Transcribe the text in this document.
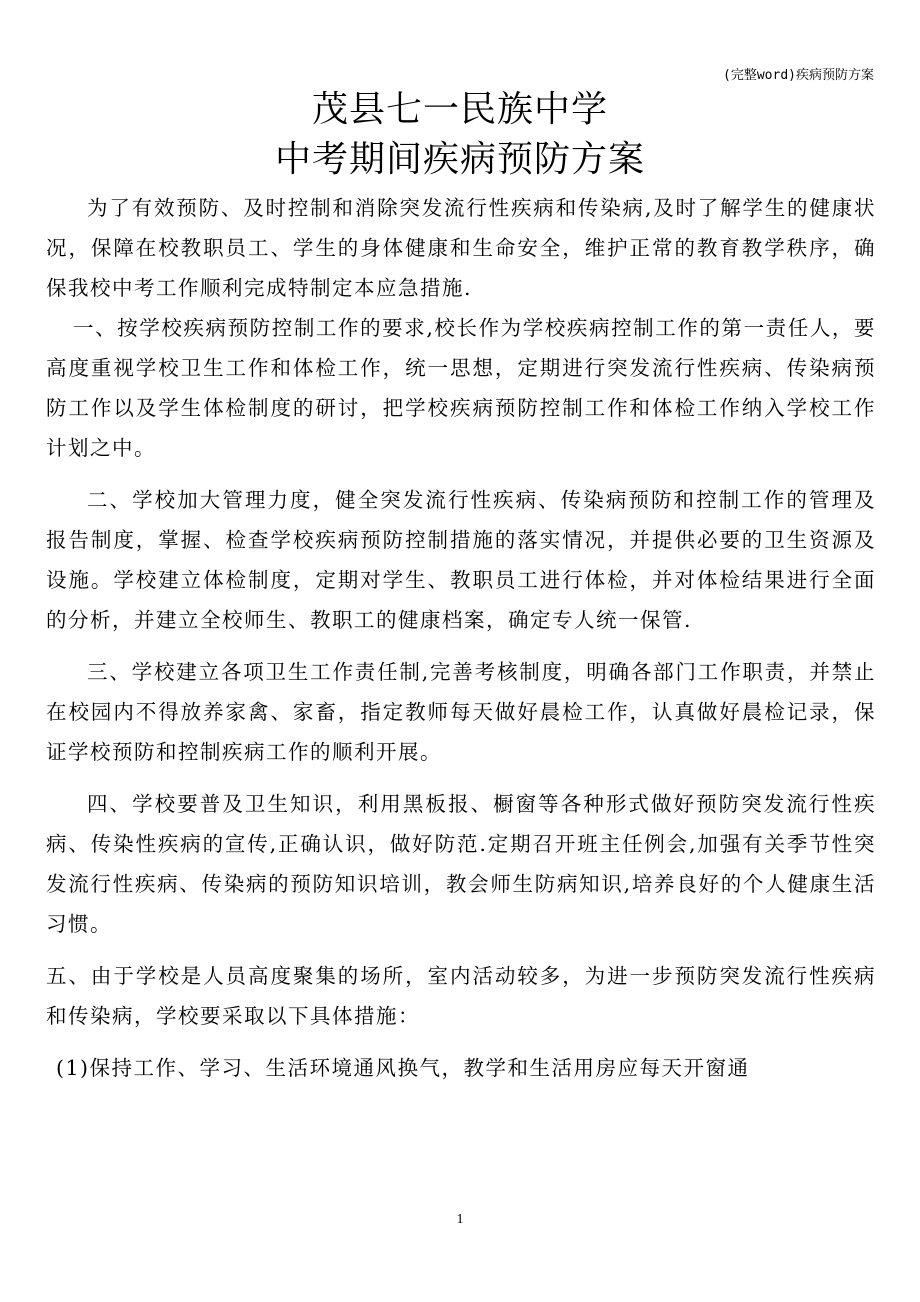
(完整word)疾病预防方案
茂县七一民族中学
中考期间疾病预防方案

为了有效预防、及时控制和消除突发流行性疾病和传染病,及时了解学生的健康状况，保障在校教职员工、学生的身体健康和生命安全，维护正常的教育教学秩序，确保我校中考工作顺利完成特制定本应急措施.

一、按学校疾病预防控制工作的要求,校长作为学校疾病控制工作的第一责任人，要高度重视学校卫生工作和体检工作，统一思想，定期进行突发流行性疾病、传染病预防工作以及学生体检制度的研讨，把学校疾病预防控制工作和体检工作纳入学校工作计划之中。

二、学校加大管理力度，健全突发流行性疾病、传染病预防和控制工作的管理及报告制度，掌握、检查学校疾病预防控制措施的落实情况，并提供必要的卫生资源及设施。学校建立体检制度，定期对学生、教职员工进行体检，并对体检结果进行全面的分析，并建立全校师生、教职工的健康档案，确定专人统一保管.

三、学校建立各项卫生工作责任制,完善考核制度，明确各部门工作职责，并禁止在校园内不得放养家禽、家畜，指定教师每天做好晨检工作，认真做好晨检记录，保证学校预防和控制疾病工作的顺利开展。

四、学校要普及卫生知识，利用黑板报、橱窗等各种形式做好预防突发流行性疾病、传染性疾病的宣传,正确认识，做好防范.定期召开班主任例会,加强有关季节性突发流行性疾病、传染病的预防知识培训，教会师生防病知识,培养良好的个人健康生活习惯。

五、由于学校是人员高度聚集的场所，室内活动较多，为进一步预防突发流行性疾病和传染病，学校要采取以下具体措施：

(1)保持工作、学习、生活环境通风换气，教学和生活用房应每天开窗通

1
